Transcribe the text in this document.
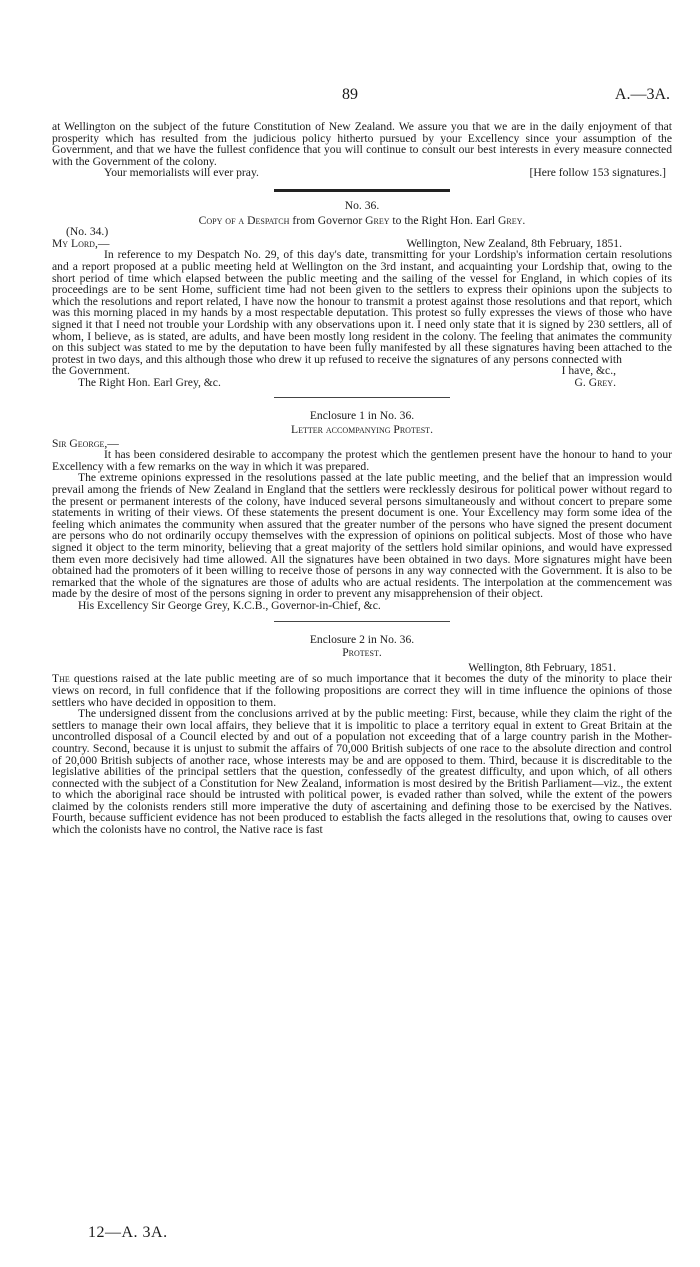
89	A.—3A.

at Wellington on the subject of the future Constitution of New Zealand. We assure you that we are in the daily enjoyment of that prosperity which has resulted from the judicious policy hitherto pursued by your Excellency since your assumption of the Government, and that we have the fullest confidence that you will continue to consult our best interests in every measure connected with the Government of the colony.

Your memorialists will ever pray.	[Here follow 153 signatures.]

No. 36.

Copy of a Despatch from Governor Grey to the Right Hon. Earl Grey.

(No. 34.)

My Lord,—	Wellington, New Zealand, 8th February, 1851.

In reference to my Despatch No. 29, of this day's date, transmitting for your Lordship's information certain resolutions and a report proposed at a public meeting held at Wellington on the 3rd instant, and acquainting your Lordship that, owing to the short period of time which elapsed between the public meeting and the sailing of the vessel for England, in which copies of its proceedings are to be sent Home, sufficient time had not been given to the settlers to express their opinions upon the subjects to which the resolutions and report related, I have now the honour to transmit a protest against those resolutions and that report, which was this morning placed in my hands by a most respectable deputation. This protest so fully expresses the views of those who have signed it that I need not trouble your Lordship with any observations upon it. I need only state that it is signed by 230 settlers, all of whom, I believe, as is stated, are adults, and have been mostly long resident in the colony. The feeling that animates the community on this subject was stated to me by the deputation to have been fully manifested by all these signatures having been attached to the protest in two days, and this although those who drew it up refused to receive the signatures of any persons connected with

the Government.	I have, &c.,
The Right Hon. Earl Grey, &c.	G. Grey.

Enclosure 1 in No. 36.

Letter accompanying Protest.

Sir George,—

It has been considered desirable to accompany the protest which the gentlemen present have the honour to hand to your Excellency with a few remarks on the way in which it was prepared.

The extreme opinions expressed in the resolutions passed at the late public meeting, and the belief that an impression would prevail among the friends of New Zealand in England that the settlers were recklessly desirous for political power without regard to the present or permanent interests of the colony, have induced several persons simultaneously and without concert to prepare some statements in writing of their views. Of these statements the present document is one. Your Excellency may form some idea of the feeling which animates the community when assured that the greater number of the persons who have signed the present document are persons who do not ordinarily occupy themselves with the expression of opinions on political subjects. Most of those who have signed it object to the term minority, believing that a great majority of the settlers hold similar opinions, and would have expressed them even more decisively had time allowed. All the signatures have been obtained in two days. More signatures might have been obtained had the promoters of it been willing to receive those of persons in any way connected with the Government. It is also to be remarked that the whole of the signatures are those of adults who are actual residents. The interpolation at the commencement was made by the desire of most of the persons signing in order to prevent any misapprehension of their object.

His Excellency Sir George Grey, K.C.B., Governor-in-Chief, &c.

Enclosure 2 in No. 36.

Protest.

Wellington, 8th February, 1851.

The questions raised at the late public meeting are of so much importance that it becomes the duty of the minority to place their views on record, in full confidence that if the following propositions are correct they will in time influence the opinions of those settlers who have decided in opposition to them.

The undersigned dissent from the conclusions arrived at by the public meeting: First, because, while they claim the right of the settlers to manage their own local affairs, they believe that it is impolitic to place a territory equal in extent to Great Britain at the uncontrolled disposal of a Council elected by and out of a population not exceeding that of a large country parish in the Mother-country. Second, because it is unjust to submit the affairs of 70,000 British subjects of one race to the absolute direction and control of 20,000 British subjects of another race, whose interests may be and are opposed to them. Third, because it is discreditable to the legislative abilities of the principal settlers that the question, confessedly of the greatest difficulty, and upon which, of all others connected with the subject of a Constitution for New Zealand, information is most desired by the British Parliament—viz., the extent to which the aboriginal race should be intrusted with political power, is evaded rather than solved, while the extent of the powers claimed by the colonists renders still more imperative the duty of ascertaining and defining those to be exercised by the Natives. Fourth, because sufficient evidence has not been produced to establish the facts alleged in the resolutions that, owing to causes over which the colonists have no control, the Native race is fast

12—A. 3A.
